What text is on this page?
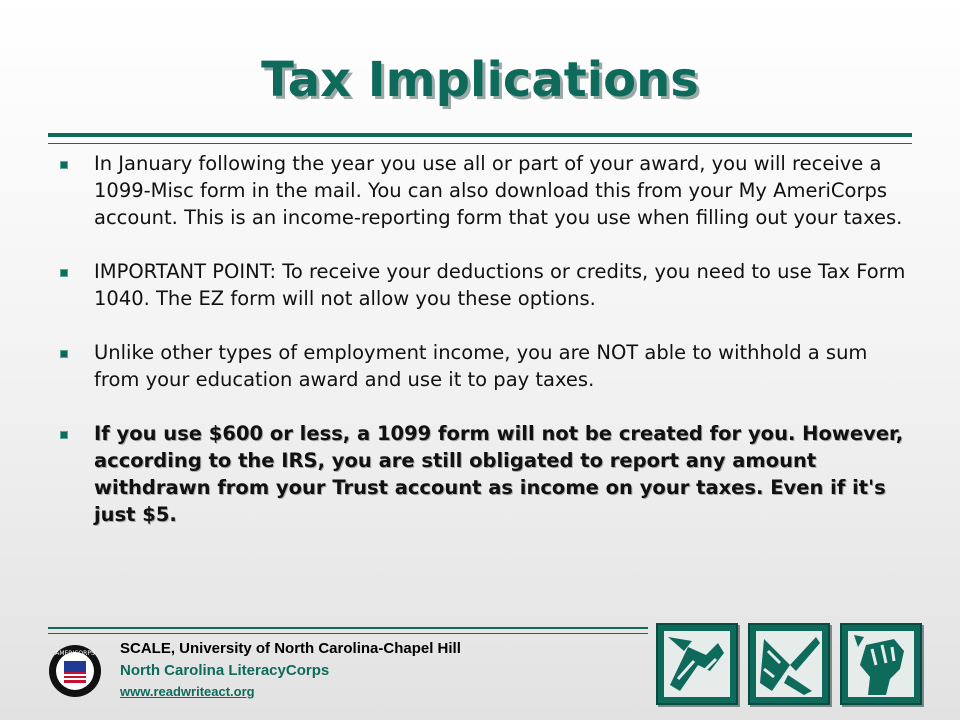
Tax Implications
In January following the year you use all or part of your award, you will receive a 1099-Misc form in the mail. You can also download this from your My AmeriCorps account. This is an income-reporting form that you use when filling out your taxes.
IMPORTANT POINT: To receive your deductions or credits, you need to use Tax Form 1040. The EZ form will not allow you these options.
Unlike other types of employment income, you are NOT able to withhold a sum from your education award and use it to pay taxes.
If you use $600 or less, a 1099 form will not be created for you. However, according to the IRS, you are still obligated to report any amount withdrawn from your Trust account as income on your taxes. Even if it's just $5.
AMERICORPS SCALE, University of North Carolina-Chapel Hill
North Carolina LiteracyCorps
www.readwriteact.org
